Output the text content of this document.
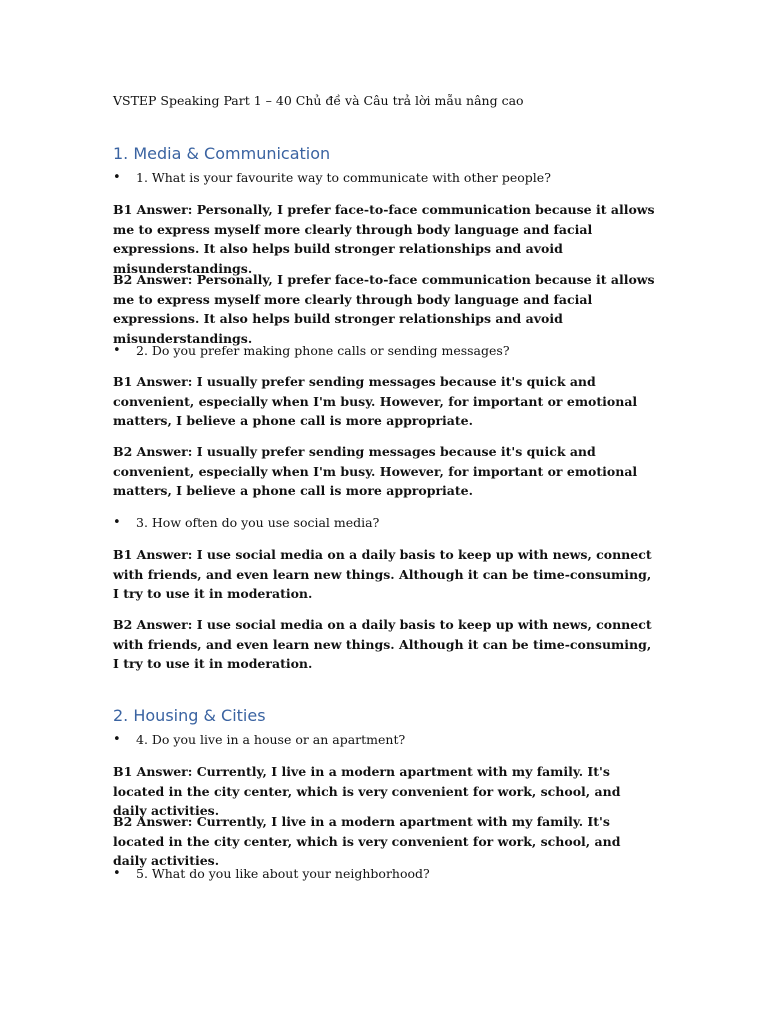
VSTEP Speaking Part 1 – 40 Chủ đề và Câu trả lời mẫu nâng cao
1. Media & Communication
• 1. What is your favourite way to communicate with other people?

B1 Answer: Personally, I prefer face-to-face communication because it allows me to express myself more clearly through body language and facial expressions. It also helps build stronger relationships and avoid misunderstandings.

B2 Answer: Personally, I prefer face-to-face communication because it allows me to express myself more clearly through body language and facial expressions. It also helps build stronger relationships and avoid misunderstandings.

• 2. Do you prefer making phone calls or sending messages?

B1 Answer: I usually prefer sending messages because it's quick and convenient, especially when I'm busy. However, for important or emotional matters, I believe a phone call is more appropriate.

B2 Answer: I usually prefer sending messages because it's quick and convenient, especially when I'm busy. However, for important or emotional matters, I believe a phone call is more appropriate.

• 3. How often do you use social media?

B1 Answer: I use social media on a daily basis to keep up with news, connect with friends, and even learn new things. Although it can be time-consuming, I try to use it in moderation.

B2 Answer: I use social media on a daily basis to keep up with news, connect with friends, and even learn new things. Although it can be time-consuming, I try to use it in moderation.

2. Housing & Cities
• 4. Do you live in a house or an apartment?

B1 Answer: Currently, I live in a modern apartment with my family. It's located in the city center, which is very convenient for work, school, and daily activities.

B2 Answer: Currently, I live in a modern apartment with my family. It's located in the city center, which is very convenient for work, school, and daily activities.

• 5. What do you like about your neighborhood?
